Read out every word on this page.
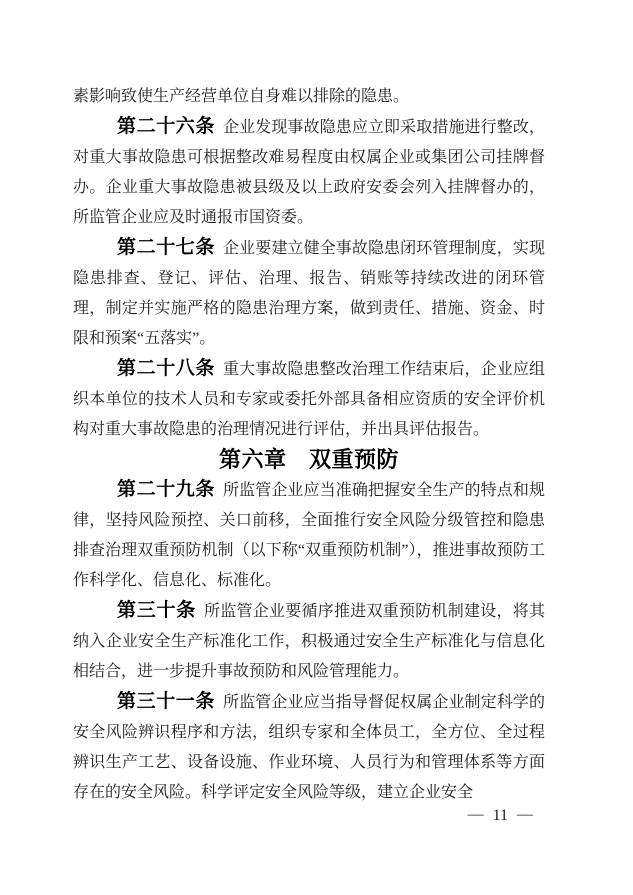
素影响致使生产经营单位自身难以排除的隐患。

第二十六条 企业发现事故隐患应立即采取措施进行整改，对重大事故隐患可根据整改难易程度由权属企业或集团公司挂牌督办。企业重大事故隐患被县级及以上政府安委会列入挂牌督办的，所监管企业应及时通报市国资委。

第二十七条 企业要建立健全事故隐患闭环管理制度，实现隐患排查、登记、评估、治理、报告、销账等持续改进的闭环管理，制定并实施严格的隐患治理方案，做到责任、措施、资金、时限和预案“五落实”。

第二十八条 重大事故隐患整改治理工作结束后，企业应组织本单位的技术人员和专家或委托外部具备相应资质的安全评价机构对重大事故隐患的治理情况进行评估，并出具评估报告。

第六章　双重预防

第二十九条 所监管企业应当准确把握安全生产的特点和规律，坚持风险预控、关口前移，全面推行安全风险分级管控和隐患排查治理双重预防机制（以下称“双重预防机制”），推进事故预防工作科学化、信息化、标准化。

第三十条 所监管企业要循序推进双重预防机制建设，将其纳入企业安全生产标准化工作，积极通过安全生产标准化与信息化相结合，进一步提升事故预防和风险管理能力。

第三十一条 所监管企业应当指导督促权属企业制定科学的安全风险辨识程序和方法，组织专家和全体员工，全方位、全过程辨识生产工艺、设备设施、作业环境、人员行为和管理体系等方面存在的安全风险。科学评定安全风险等级，建立企业安全

— 11 —
